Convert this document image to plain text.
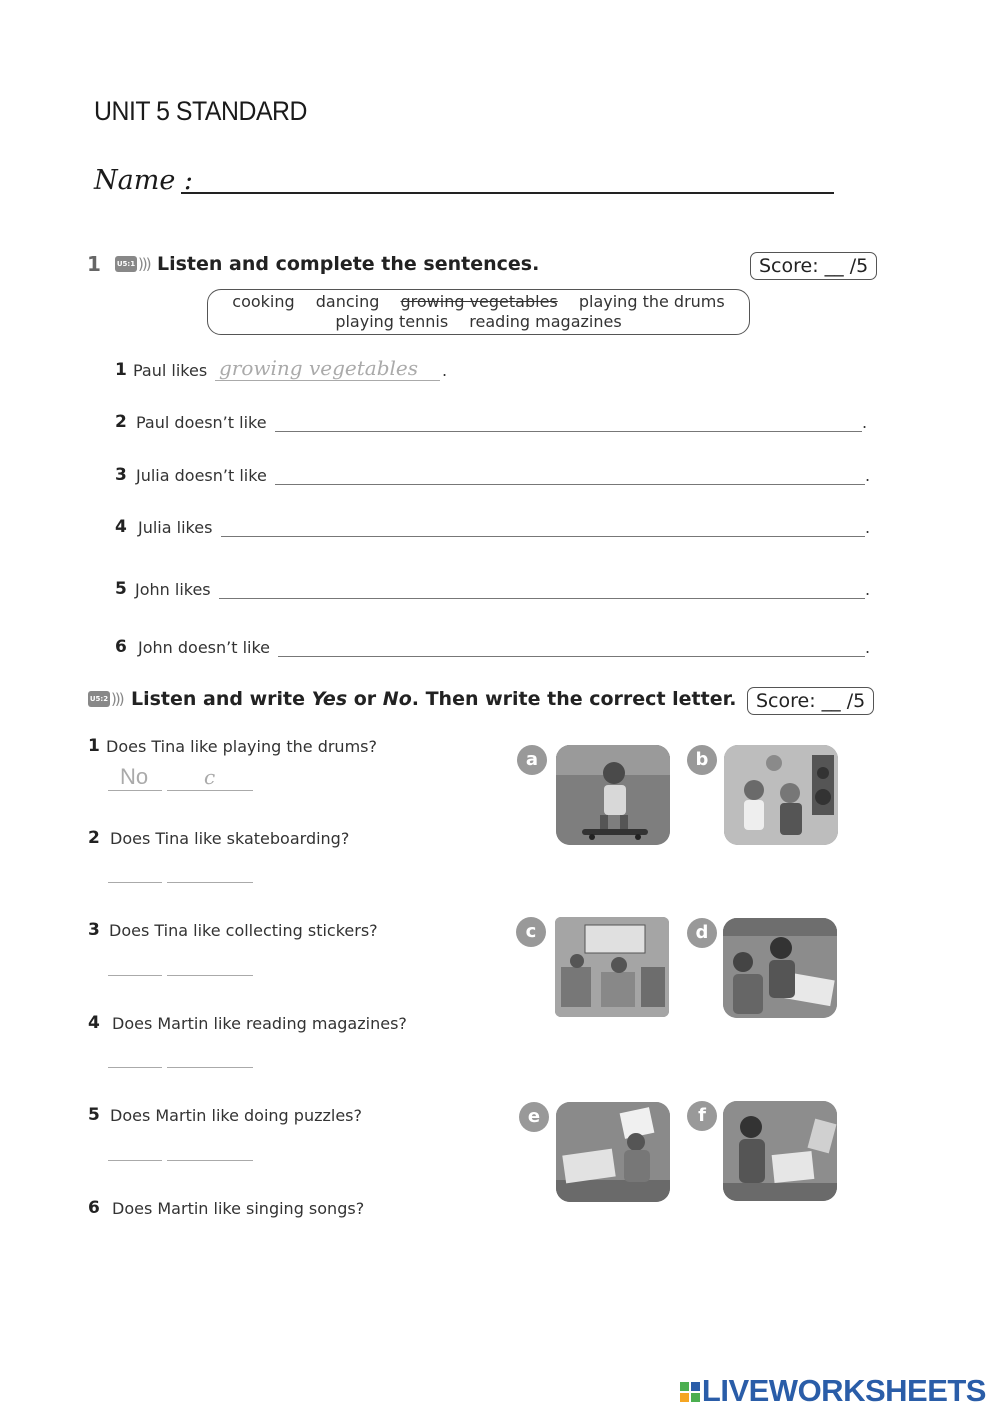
UNIT 5 STANDARD
Name :
1 U5:1 ))) Listen and complete the sentences.	Score: __ /5
cooking dancing growing vegetables playing the drums
playing tennis reading magazines
1 Paul likes growing vegetables .
2 Paul doesn’t like	.
3 Julia doesn’t like	.
4 Julia likes	.
5 John likes	.
6 John doesn’t like	.
U5:2 ))) Listen and write Yes or No. Then write the correct letter.	Score: __ /5
1 Does Tina like playing the drums?
No	c
2 Does Tina like skateboarding?
3 Does Tina like collecting stickers?
4 Does Martin like reading magazines?
5 Does Martin like doing puzzles?
6 Does Martin like singing songs?
a	b
c	d
e	f
LIVEWORKSHEETS
